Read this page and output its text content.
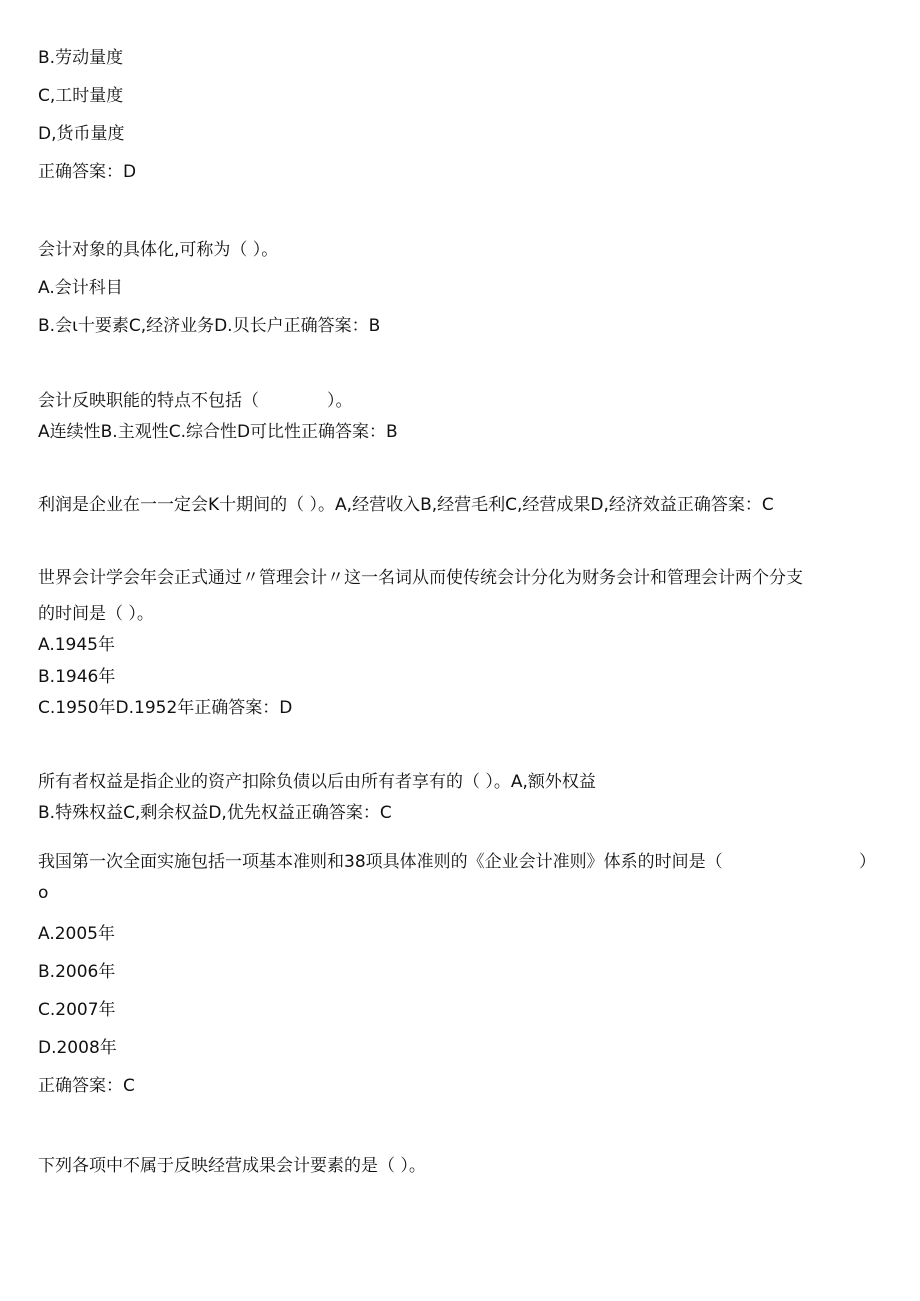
B.劳动量度
C,工时量度
D,货币量度
正确答案：D
会计对象的具体化,可称为（ ）。
A.会计科目
B.会ι十要素C,经济业务D.贝长户正确答案：B
会计反映职能的特点不包括（　　　　）。
A连续性B.主观性C.综合性D可比性正确答案：B
利润是企业在一一定会K十期间的（ ）。A,经营收入B,经营毛利C,经营成果D,经济效益正确答案：C
世界会计学会年会正式通过〃管理会计〃这一名词从而使传统会计分化为财务会计和管理会计两个分支
的时间是（ ）。
A.1945年
B.1946年
C.1950年D.1952年正确答案：D
所有者权益是指企业的资产扣除负债以后由所有者享有的（ ）。A,额外权益
B.特殊权益C,剩余权益D,优先权益正确答案：C
我国第一次全面实施包括一项基本准则和38项具体准则的《企业会计准则》体系的时间是（	）
o
A.2005年
B.2006年
C.2007年
D.2008年
正确答案：C
下列各项中不属于反映经营成果会计要素的是（ ）。
